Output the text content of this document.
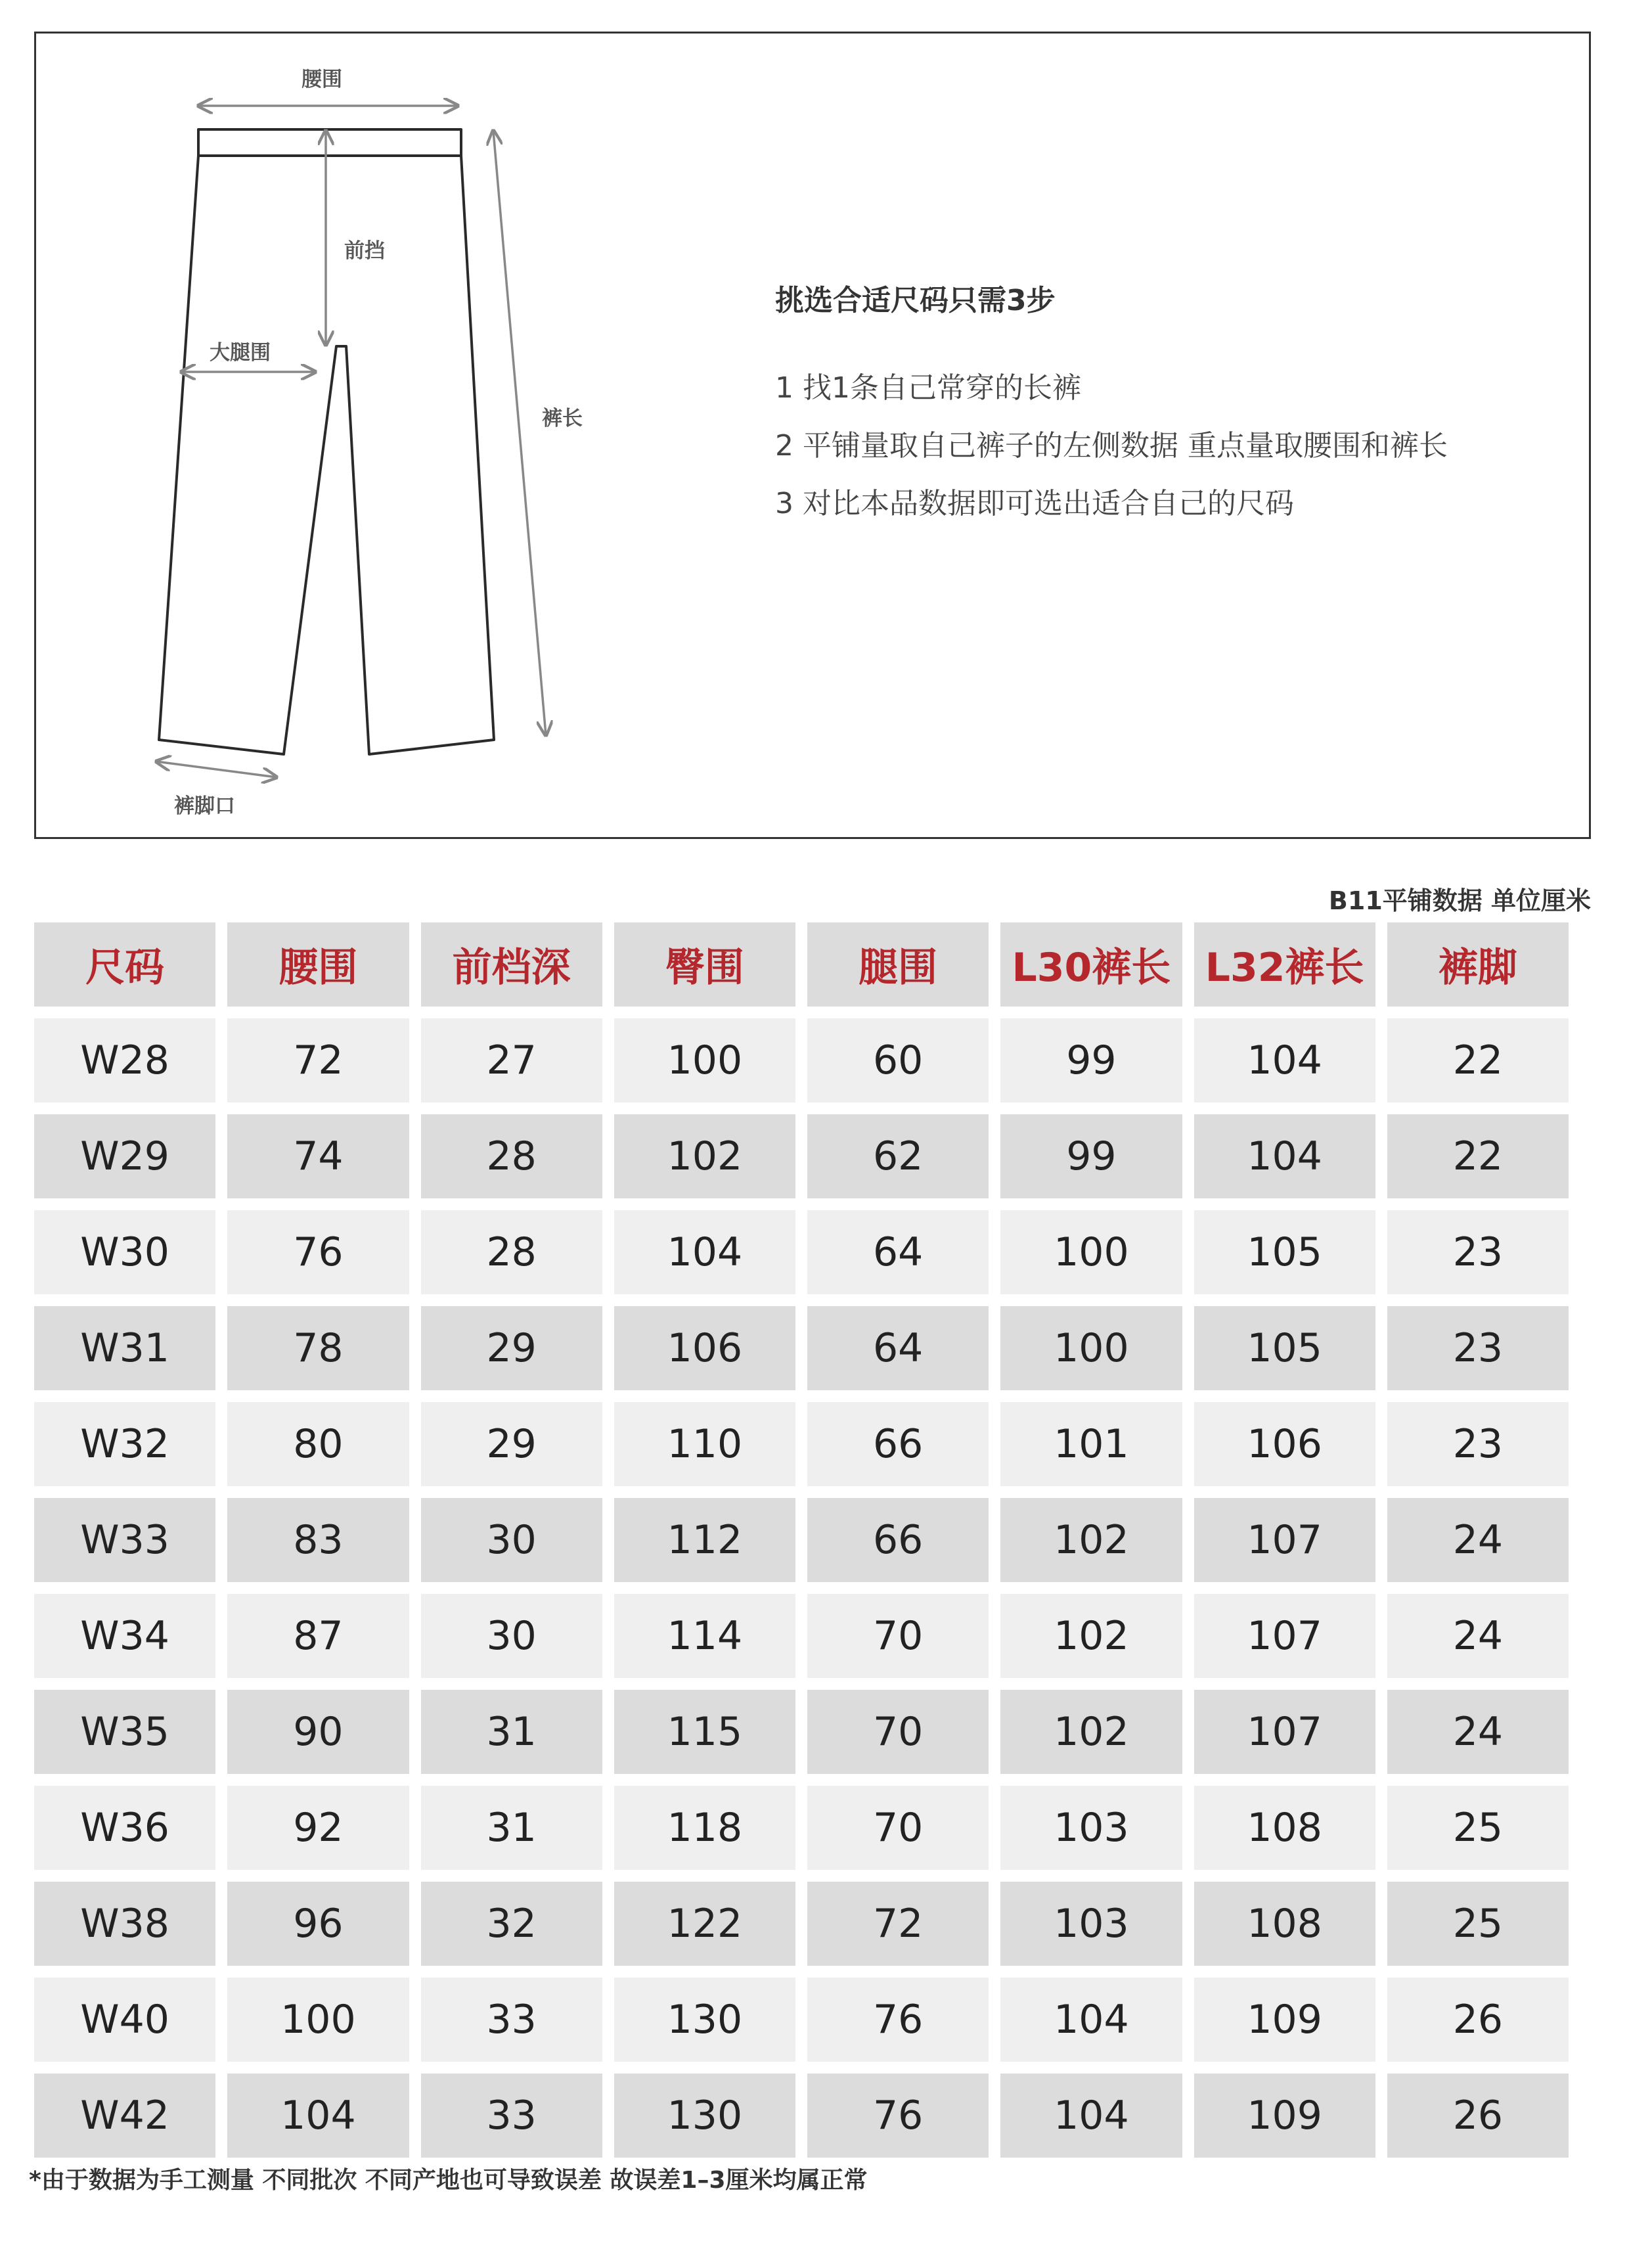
腰围
前挡
大腿围
裤长
裤脚口
挑选合适尺码只需3步
1 找1条自己常穿的长裤
2 平铺量取自己裤子的左侧数据 重点量取腰围和裤长
3 对比本品数据即可选出适合自己的尺码
B11平铺数据 单位厘米
尺码	腰围	前档深	臀围	腿围	L30裤长	L32裤长	裤脚
W28	72	27	100	60	99	104	22
W29	74	28	102	62	99	104	22
W30	76	28	104	64	100	105	23
W31	78	29	106	64	100	105	23
W32	80	29	110	66	101	106	23
W33	83	30	112	66	102	107	24
W34	87	30	114	70	102	107	24
W35	90	31	115	70	102	107	24
W36	92	31	118	70	103	108	25
W38	96	32	122	72	103	108	25
W40	100	33	130	76	104	109	26
W42	104	33	130	76	104	109	26
*由于数据为手工测量 不同批次 不同产地也可导致误差 故误差1–3厘米均属正常
